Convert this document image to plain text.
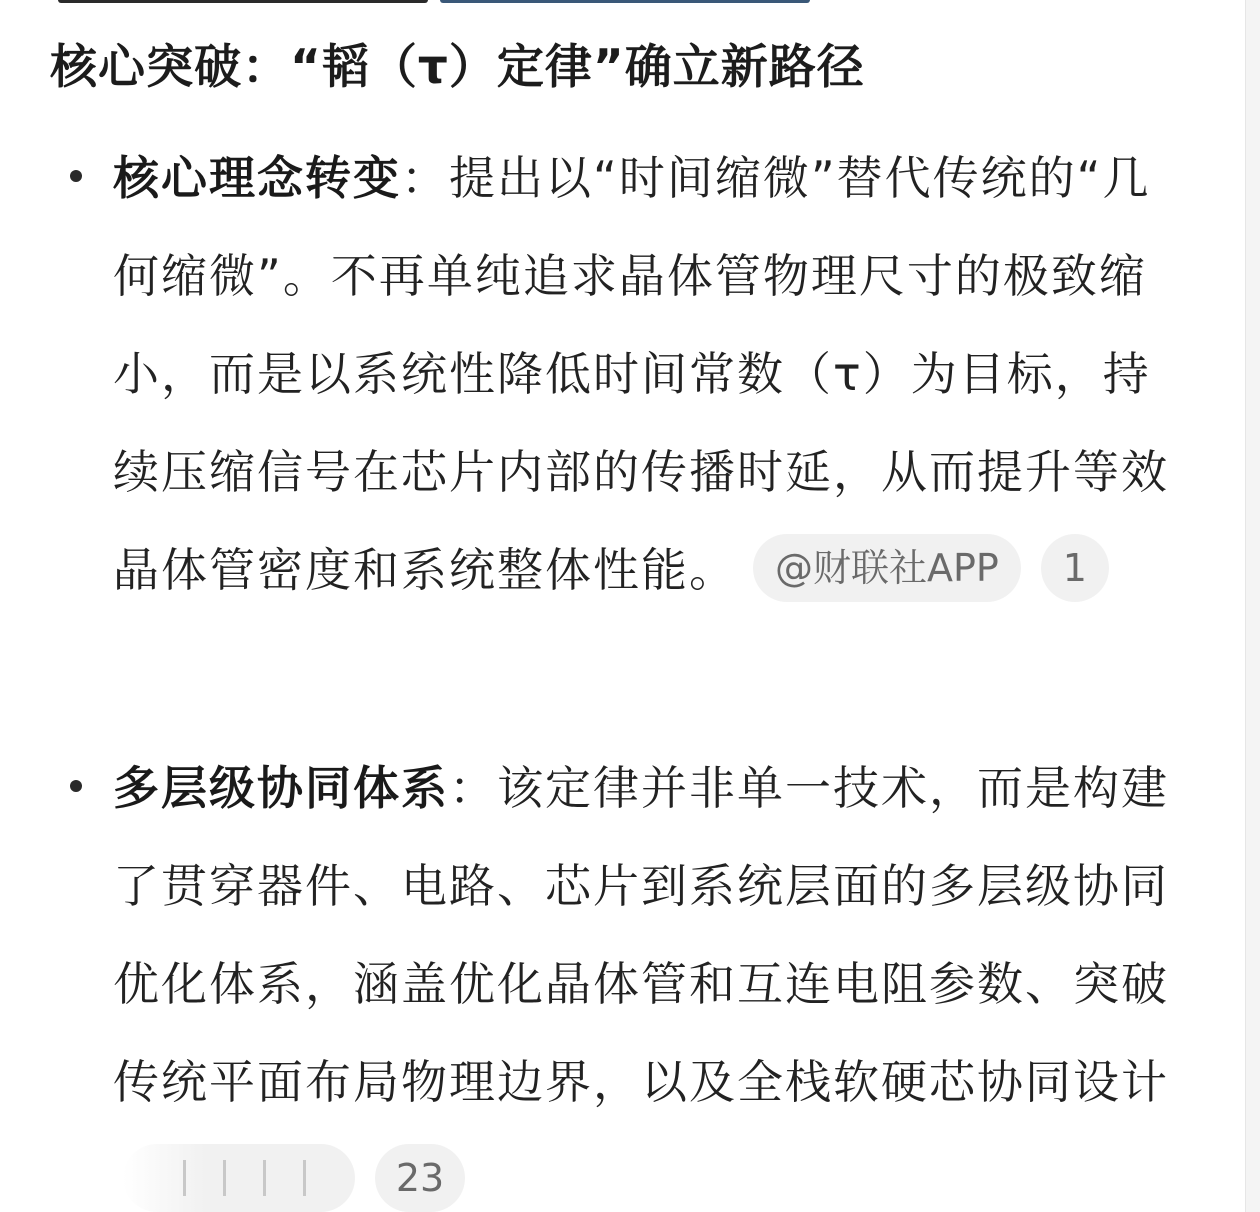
核心突破：“韬（τ）定律”确立新路径

核心理念转变：提出以“时间缩微”替代传统的“几何缩微”。不再单纯追求晶体管物理尺寸的极致缩小，而是以系统性降低时间常数（τ）为目标，持续压缩信号在芯片内部的传播时延，从而提升等效晶体管密度和系统整体性能。 @财联社APP 1

多层级协同体系：该定律并非单一技术，而是构建了贯穿器件、电路、芯片到系统层面的多层级协同优化体系，涵盖优化晶体管和互连电阻参数、突破传统平面布局物理边界，以及全栈软硬芯协同设计
23
